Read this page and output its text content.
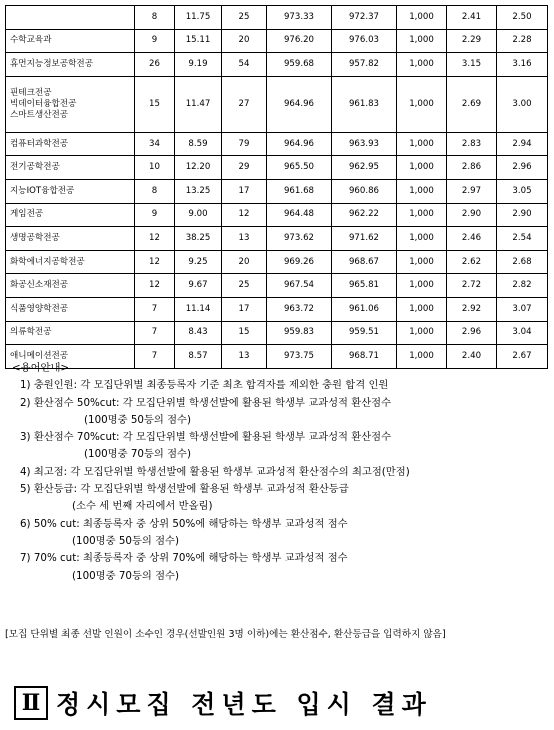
	8	11.75	25	973.33	972.37	1,000	2.41	2.50
수학교육과	9	15.11	20	976.20	976.03	1,000	2.29	2.28
휴먼지능정보공학전공	26	9.19	54	959.68	957.82	1,000	3.15	3.16
핀테크전공
빅데이터융합전공
스마트생산전공	15	11.47	27	964.96	961.83	1,000	2.69	3.00
컴퓨터과학전공	34	8.59	79	964.96	963.93	1,000	2.83	2.94
전기공학전공	10	12.20	29	965.50	962.95	1,000	2.86	2.96
지능IOT융합전공	8	13.25	17	961.68	960.86	1,000	2.97	3.05
게임전공	9	9.00	12	964.48	962.22	1,000	2.90	2.90
생명공학전공	12	38.25	13	973.62	971.62	1,000	2.46	2.54
화학에너지공학전공	12	9.25	20	969.26	968.67	1,000	2.62	2.68
화공신소재전공	12	9.67	25	967.54	965.81	1,000	2.72	2.82
식품영양학전공	7	11.14	17	963.72	961.06	1,000	2.92	3.07
의류학전공	7	8.43	15	959.83	959.51	1,000	2.96	3.04
애니메이션전공	7	8.57	13	973.75	968.71	1,000	2.40	2.67
<용어안내>
1) 충원인원: 각 모집단위별 최종등록자 기준 최초 합격자를 제외한 충원 합격 인원
2) 환산점수 50%cut: 각 모집단위별 학생선발에 활용된 학생부 교과성적 환산점수
(100명중 50등의 점수)
3) 환산점수 70%cut: 각 모집단위별 학생선발에 활용된 학생부 교과성적 환산점수
(100명중 70등의 점수)
4) 최고점: 각 모집단위별 학생선발에 활용된 학생부 교과성적 환산점수의 최고점(만점)
5) 환산등급: 각 모집단위별 학생선발에 활용된 학생부 교과성적 환산등급
(소수 세 번째 자리에서 반올림)
6) 50% cut: 최종등록자 중 상위 50%에 해당하는 학생부 교과성적 점수
(100명중 50등의 점수)
7) 70% cut: 최종등록자 중 상위 70%에 해당하는 학생부 교과성적 점수
(100명중 70등의 점수)
[모집 단위별 최종 선발 인원이 소수인 경우(선발인원 3명 이하)에는 환산점수, 환산등급을 입력하지 않음]
Ⅱ 정시모집 전년도 입시 결과
